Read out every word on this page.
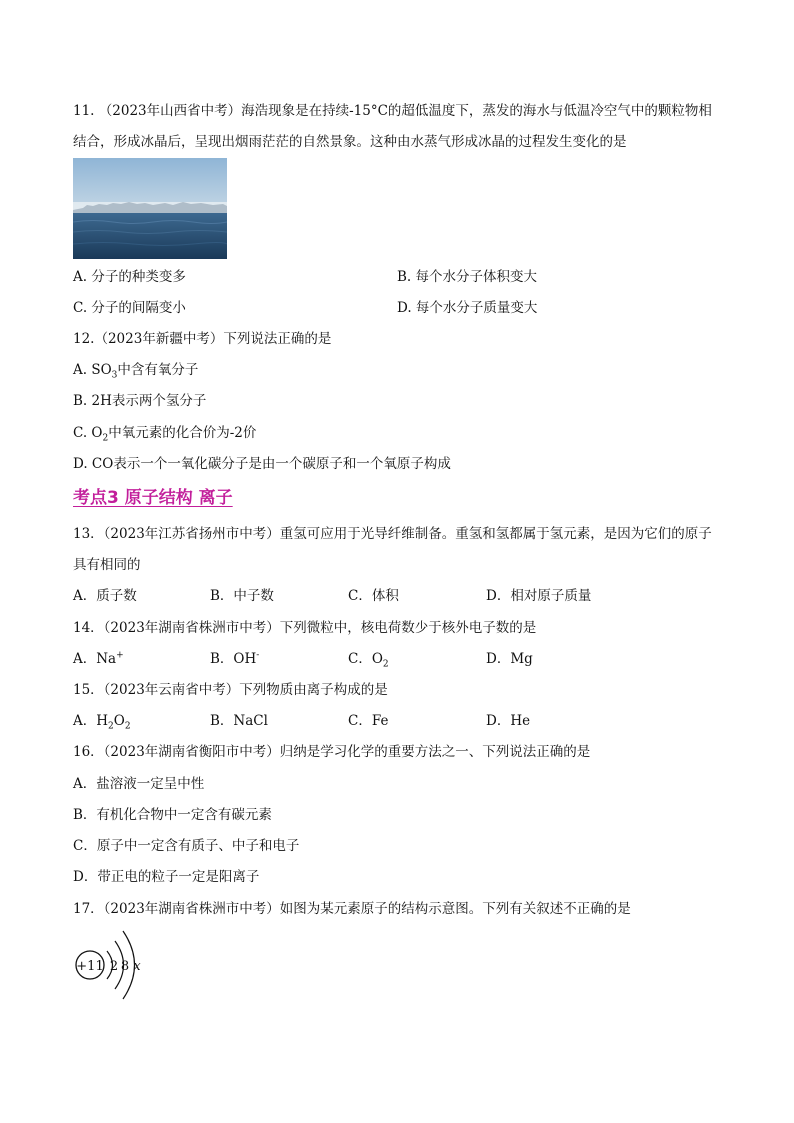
11. （2023年山西省中考）海浩现象是在持续-15°C的超低温度下，蒸发的海水与低温冷空气中的颗粒物相
结合，形成冰晶后，呈现出烟雨茫茫的自然景象。这种由水蒸气形成冰晶的过程发生变化的是
A. 分子的种类变多	B. 每个水分子体积变大
C. 分子的间隔变小	D. 每个水分子质量变大
12.（2023年新疆中考）下列说法正确的是
A. $SO_3$中含有氧分子
B. 2H表示两个氢分子
C. $O_2$中氧元素的化合价为-2价
D. CO表示一个一氧化碳分子是由一个碳原子和一个氧原子构成
考点3 原子结构 离子
13．（2023年江苏省扬州市中考）重氢可应用于光导纤维制备。重氢和氢都属于氢元素，是因为它们的原子
具有相同的
A．质子数	B．中子数	C．体积	D．相对原子质量
14．（2023年湖南省株洲市中考）下列微粒中，核电荷数少于核外电子数的是
A．Na+	B．OH-	C．$O_2$	D．Mg
15．（2023年云南省中考）下列物质由离子构成的是
A．$H_2O_2$	B．NaCl	C．Fe	D．He
16．（2023年湖南省衡阳市中考）归纳是学习化学的重要方法之一、下列说法正确的是
A．盐溶液一定呈中性
B．有机化合物中一定含有碳元素
C．原子中一定含有质子、中子和电子
D．带正电的粒子一定是阳离子
17．（2023年湖南省株洲市中考）如图为某元素原子的结构示意图。下列有关叙述不正确的是
+11 2 8 x
